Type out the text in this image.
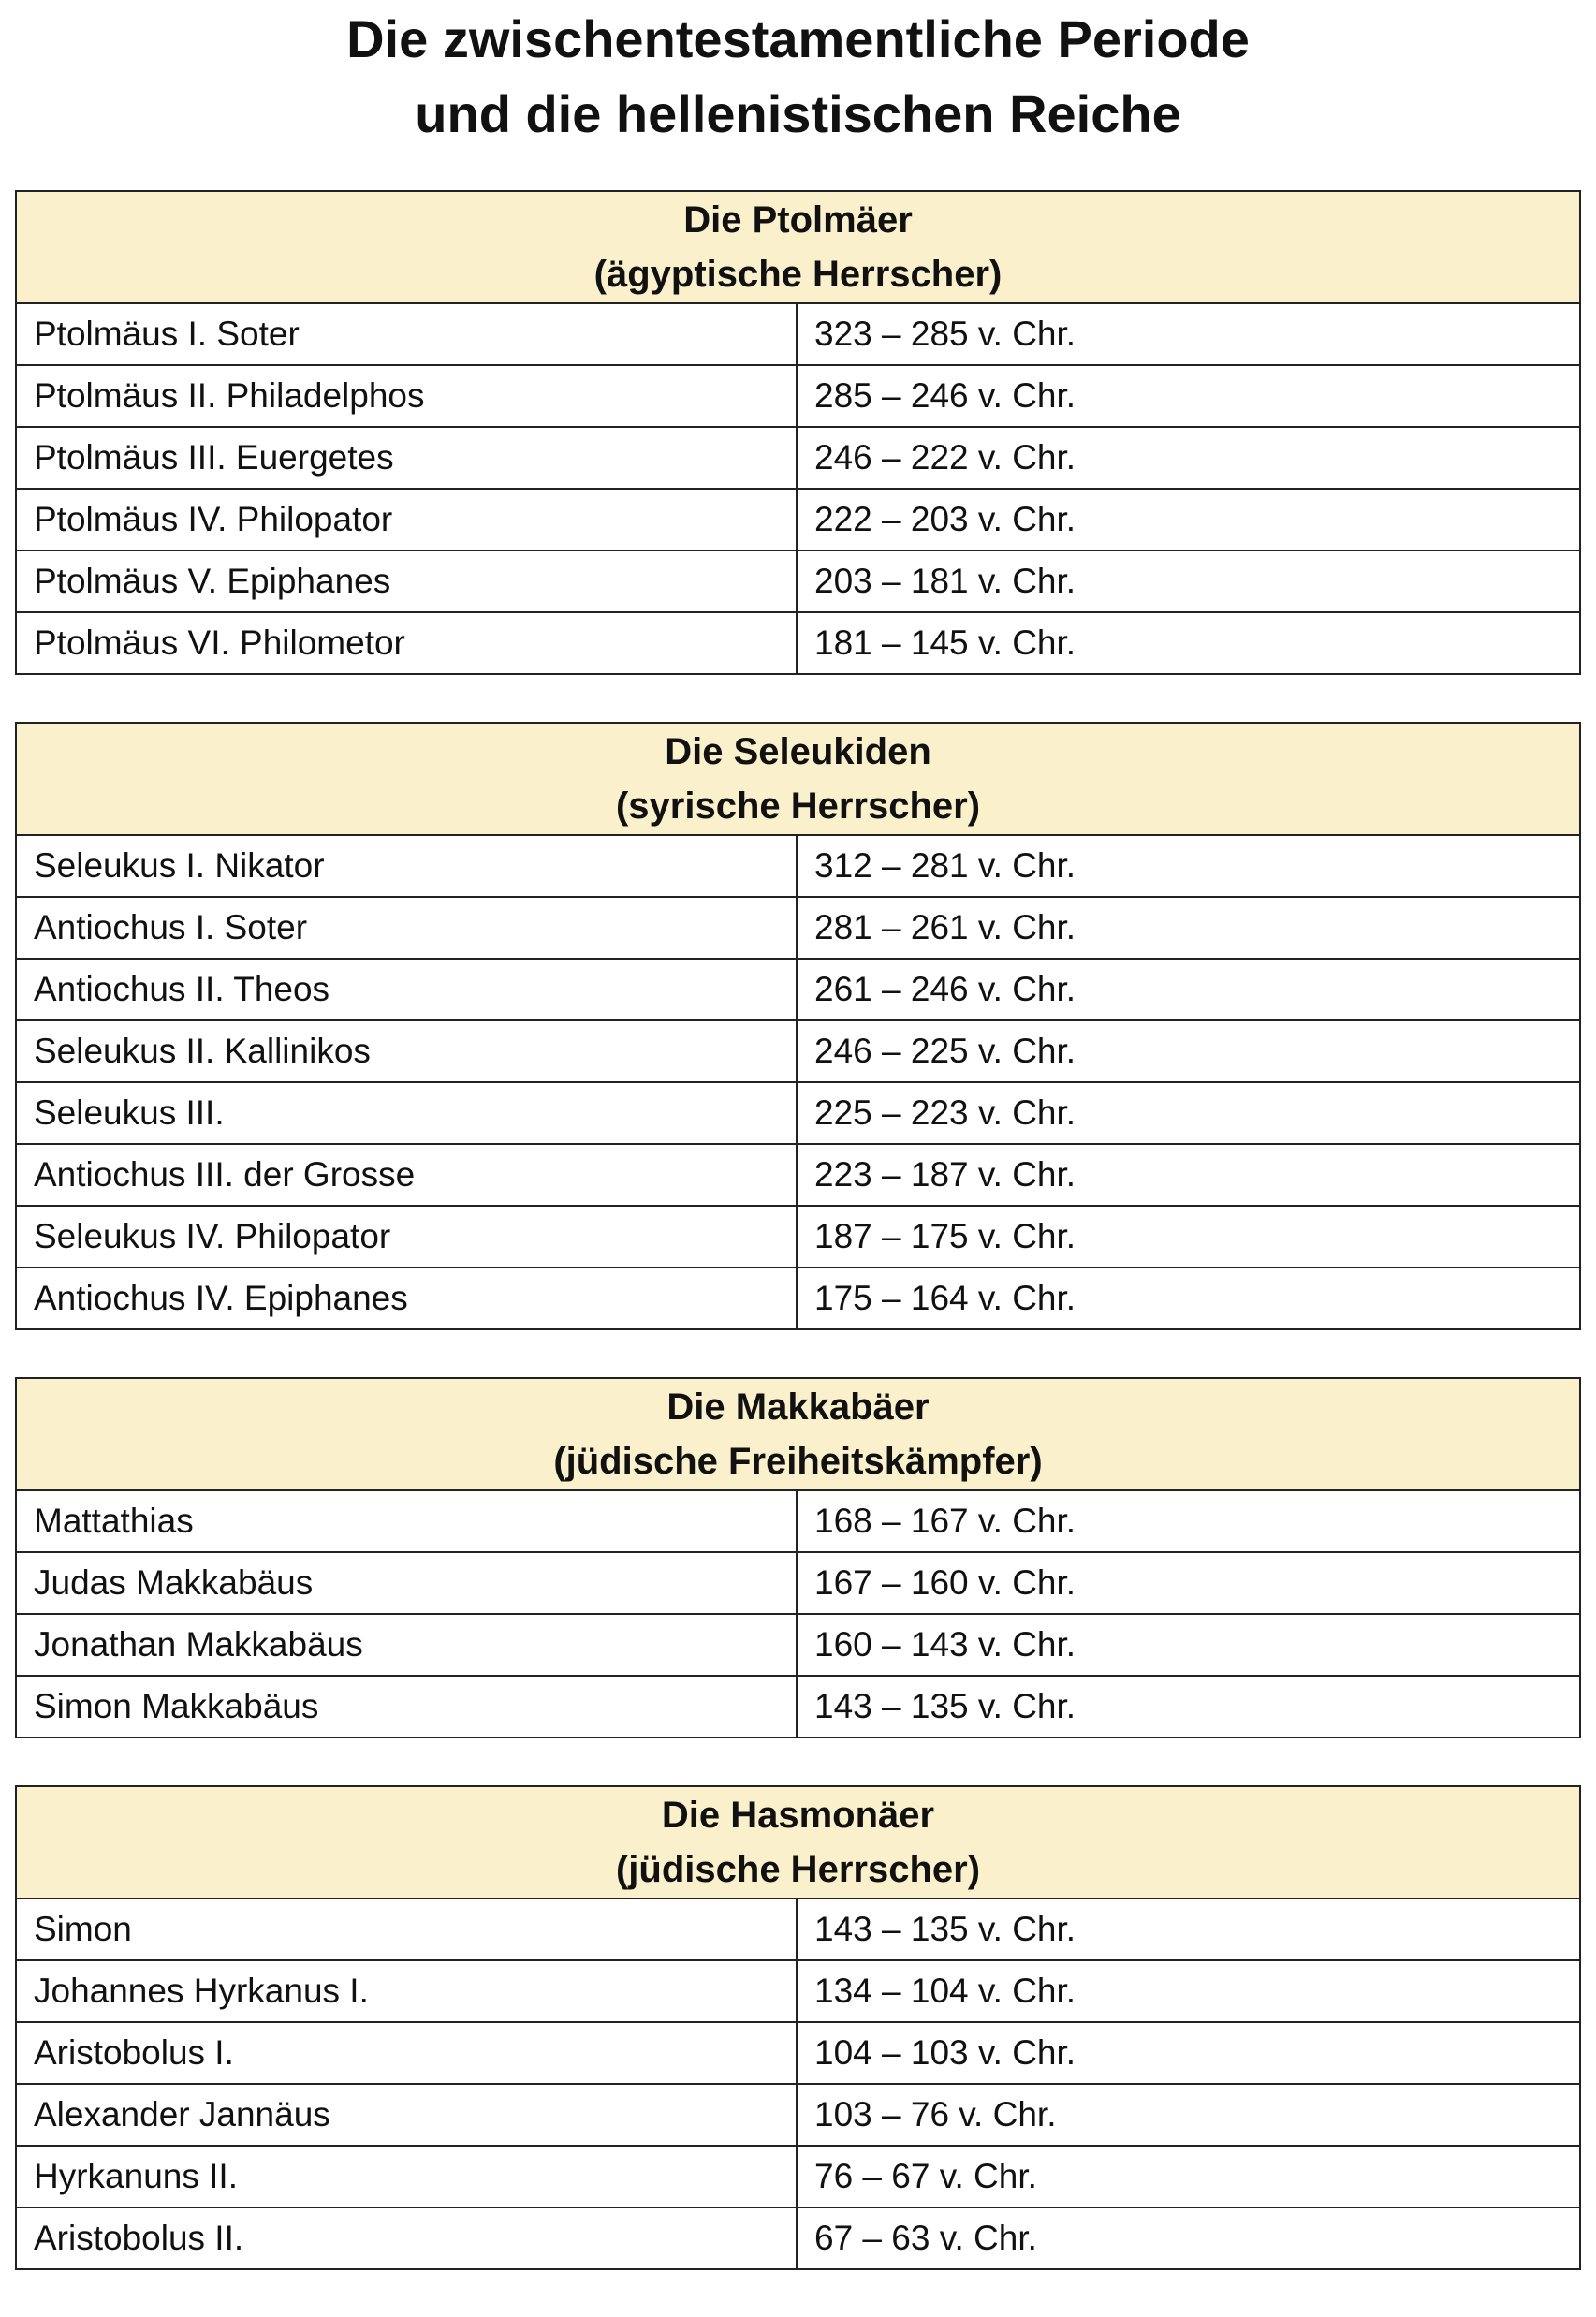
Die zwischentestamentliche Periode
und die hellenistischen Reiche
Die Ptolmäer
(ägyptische Herrscher)	

Ptolmäus I. Soter	323 – 285 v. Chr.
Ptolmäus II. Philadelphos	285 – 246 v. Chr.
Ptolmäus III. Euergetes	246 – 222 v. Chr.
Ptolmäus IV. Philopator	222 – 203 v. Chr.
Ptolmäus V. Epiphanes	203 – 181 v. Chr.
Ptolmäus VI. Philometor	181 – 145 v. Chr.
Die Seleukiden
(syrische Herrscher)	

Seleukus I. Nikator	312 – 281 v. Chr.
Antiochus I. Soter	281 – 261 v. Chr.
Antiochus II. Theos	261 – 246 v. Chr.
Seleukus II. Kallinikos	246 – 225 v. Chr.
Seleukus III.	225 – 223 v. Chr.
Antiochus III. der Grosse	223 – 187 v. Chr.
Seleukus IV. Philopator	187 – 175 v. Chr.
Antiochus IV. Epiphanes	175 – 164 v. Chr.
Die Makkabäer
(jüdische Freiheitskämpfer)	

Mattathias	168 – 167 v. Chr.
Judas Makkabäus	167 – 160 v. Chr.
Jonathan Makkabäus	160 – 143 v. Chr.
Simon Makkabäus	143 – 135 v. Chr.
Die Hasmonäer
(jüdische Herrscher)	

Simon	143 – 135 v. Chr.
Johannes Hyrkanus I.	134 – 104 v. Chr.
Aristobolus I.	104 – 103 v. Chr.
Alexander Jannäus	103 – 76 v. Chr.
Hyrkanuns II.	76 – 67 v. Chr.
Aristobolus II.	67 – 63 v. Chr.
